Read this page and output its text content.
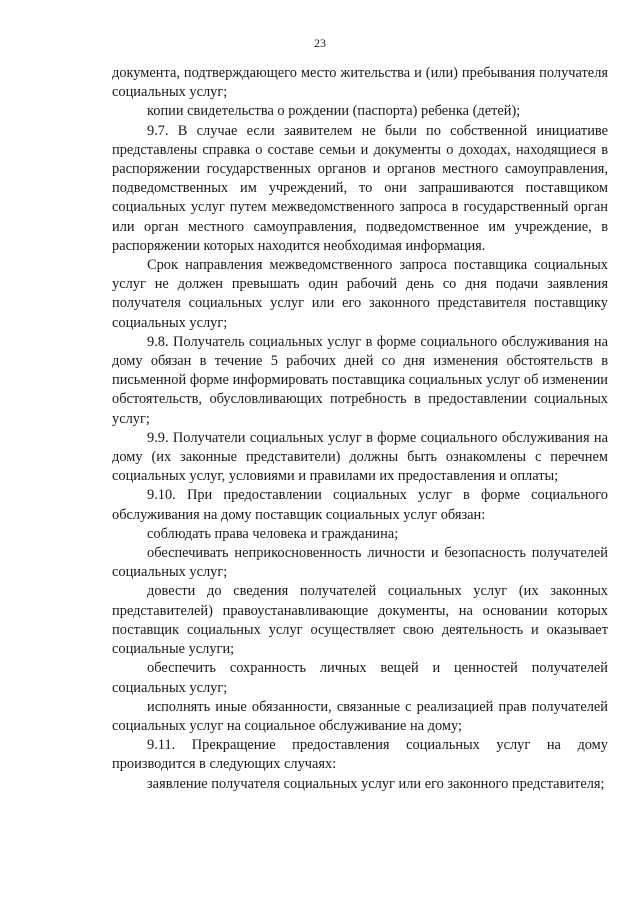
23

документа, подтверждающего место жительства и (или) пребывания получателя социальных услуг;

копии свидетельства о рождении (паспорта) ребенка (детей);

9.7. В случае если заявителем не были по собственной инициативе представлены справка о составе семьи и документы о доходах, находящиеся в распоряжении государственных органов и органов местного самоуправления, подведомственных им учреждений, то они запрашиваются поставщиком социальных услуг путем межведомственного запроса в государственный орган или орган местного самоуправления, подведомственное им учреждение, в распоряжении которых находится необходимая информация.

Срок направления межведомственного запроса поставщика социальных услуг не должен превышать один рабочий день со дня подачи заявления получателя социальных услуг или его законного представителя поставщику социальных услуг;

9.8. Получатель социальных услуг в форме социального обслуживания на дому обязан в течение 5 рабочих дней со дня изменения обстоятельств в письменной форме информировать поставщика социальных услуг об изменении обстоятельств, обусловливающих потребность в предоставлении социальных услуг;

9.9. Получатели социальных услуг в форме социального обслуживания на дому (их законные представители) должны быть ознакомлены с перечнем социальных услуг, условиями и правилами их предоставления и оплаты;

9.10. При предоставлении социальных услуг в форме социального обслуживания на дому поставщик социальных услуг обязан:

соблюдать права человека и гражданина;

обеспечивать неприкосновенность личности и безопасность получателей социальных услуг;

довести до сведения получателей социальных услуг (их законных представителей) правоустанавливающие документы, на основании которых поставщик социальных услуг осуществляет свою деятельность и оказывает социальные услуги;

обеспечить сохранность личных вещей и ценностей получателей социальных услуг;

исполнять иные обязанности, связанные с реализацией прав получателей социальных услуг на социальное обслуживание на дому;

9.11. Прекращение предоставления социальных услуг на дому производится в следующих случаях:

заявление получателя социальных услуг или его законного представителя;
